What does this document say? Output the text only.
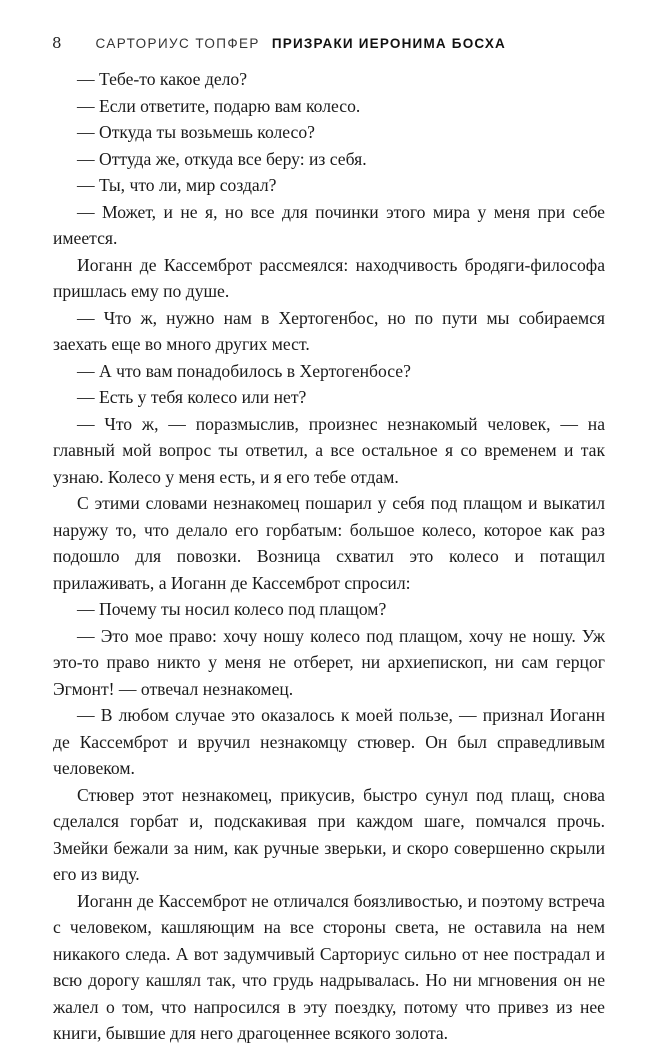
8	САРТОРИУС ТОПФЕР ПРИЗРАКИ ИЕРОНИМА БОСХА

— Тебе-то какое дело?

— Если ответите, подарю вам колесо.

— Откуда ты возьмешь колесо?

— Оттуда же, откуда все беру: из себя.

— Ты, что ли, мир создал?

— Может, и не я, но все для починки этого мира у меня при себе имеется.

Иоганн де Кассемброт рассмеялся: находчивость бродяги-философа пришлась ему по душе.

— Что ж, нужно нам в Хертогенбос, но по пути мы собираемся заехать еще во много других мест.

— А что вам понадобилось в Хертогенбосе?

— Есть у тебя колесо или нет?

— Что ж, — поразмыслив, произнес незнакомый человек, — на главный мой вопрос ты ответил, а все остальное я со временем и так узнаю. Колесо у меня есть, и я его тебе отдам.

С этими словами незнакомец пошарил у себя под плащом и выкатил наружу то, что делало его горбатым: большое колесо, которое как раз подошло для повозки. Возница схватил это колесо и потащил прилаживать, а Иоганн де Кассемброт спросил:

— Почему ты носил колесо под плащом?

— Это мое право: хочу ношу колесо под плащом, хочу не ношу. Уж это-то право никто у меня не отберет, ни архиепископ, ни сам герцог Эгмонт! — отвечал незнакомец.

— В любом случае это оказалось к моей пользе, — признал Иоганн де Кассемброт и вручил незнакомцу стювер. Он был справедливым человеком.

Стювер этот незнакомец, прикусив, быстро сунул под плащ, снова сделался горбат и, подскакивая при каждом шаге, помчался прочь. Змейки бежали за ним, как ручные зверьки, и скоро совершенно скрыли его из виду.

Иоганн де Кассемброт не отличался боязливостью, и поэтому встреча с человеком, кашляющим на все стороны света, не оставила на нем никакого следа. А вот задумчивый Сарториус сильно от нее пострадал и всю дорогу кашлял так, что грудь надрывалась. Но ни мгновения он не жалел о том, что напросился в эту поездку, потому что привез из нее книги, бывшие для него драгоценнее всякого золота.
